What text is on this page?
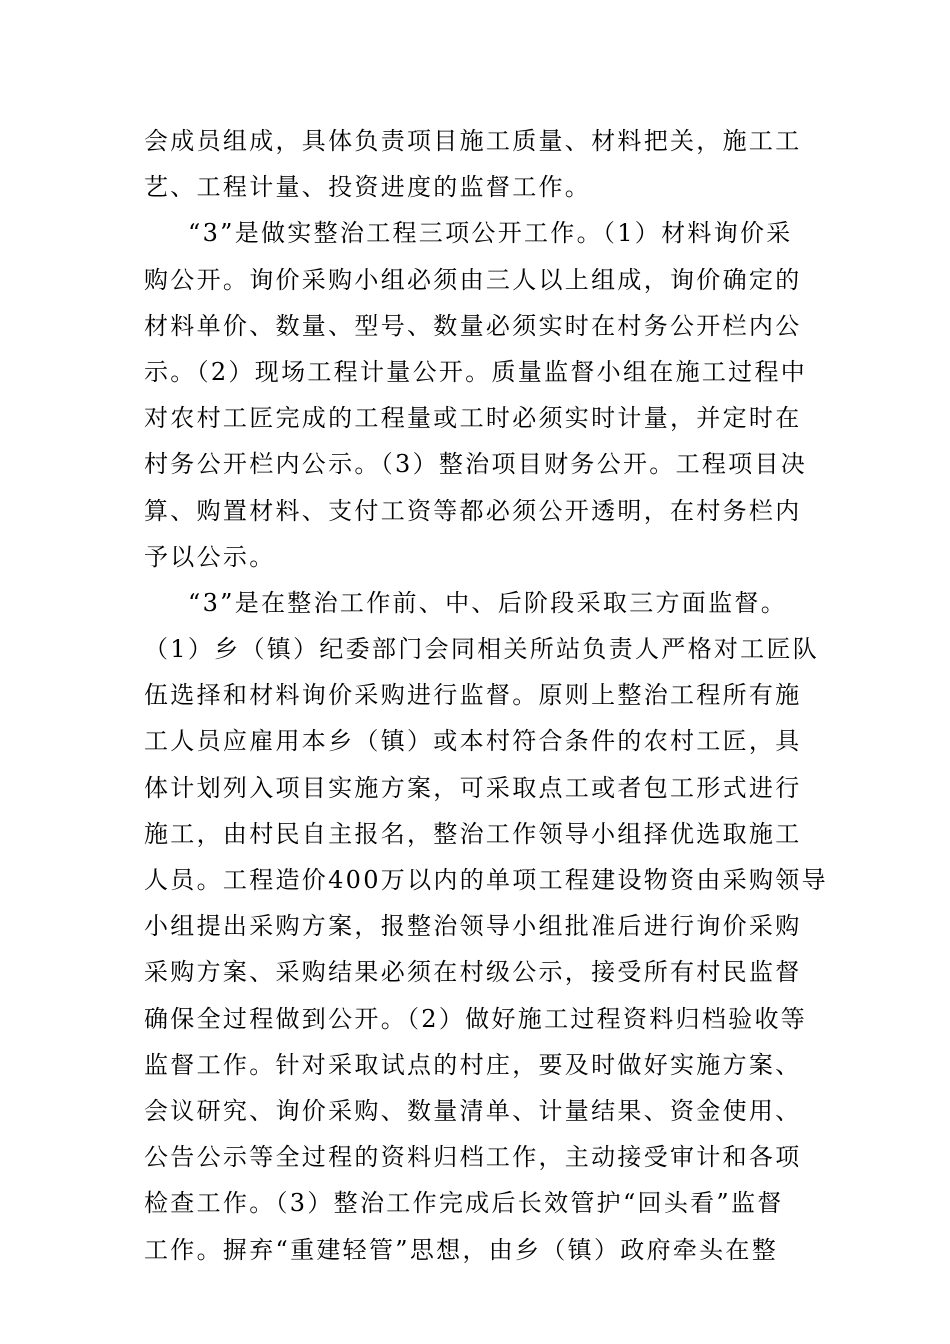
会成员组成，具体负责项目施工质量、材料把关，施工工
艺、工程计量、投资进度的监督工作。
“3”是做实整治工程三项公开工作。（1）材料询价采
购公开。询价采购小组必须由三人以上组成，询价确定的
材料单价、数量、型号、数量必须实时在村务公开栏内公
示。（2）现场工程计量公开。质量监督小组在施工过程中
对农村工匠完成的工程量或工时必须实时计量，并定时在
村务公开栏内公示。（3）整治项目财务公开。工程项目决
算、购置材料、支付工资等都必须公开透明，在村务栏内
予以公示。
“3”是在整治工作前、中、后阶段采取三方面监督。
（1）乡（镇）纪委部门会同相关所站负责人严格对工匠队
伍选择和材料询价采购进行监督。原则上整治工程所有施
工人员应雇用本乡（镇）或本村符合条件的农村工匠，具
体计划列入项目实施方案，可采取点工或者包工形式进行
施工，由村民自主报名，整治工作领导小组择优选取施工
人员。工程造价400万以内的单项工程建设物资由采购领导
小组提出采购方案，报整治领导小组批准后进行询价采购
采购方案、采购结果必须在村级公示，接受所有村民监督
确保全过程做到公开。（2）做好施工过程资料归档验收等
监督工作。针对采取试点的村庄，要及时做好实施方案、
会议研究、询价采购、数量清单、计量结果、资金使用、
公告公示等全过程的资料归档工作，主动接受审计和各项
检查工作。（3）整治工作完成后长效管护“回头看”监督
工作。摒弃“重建轻管”思想，由乡（镇）政府牵头在整
